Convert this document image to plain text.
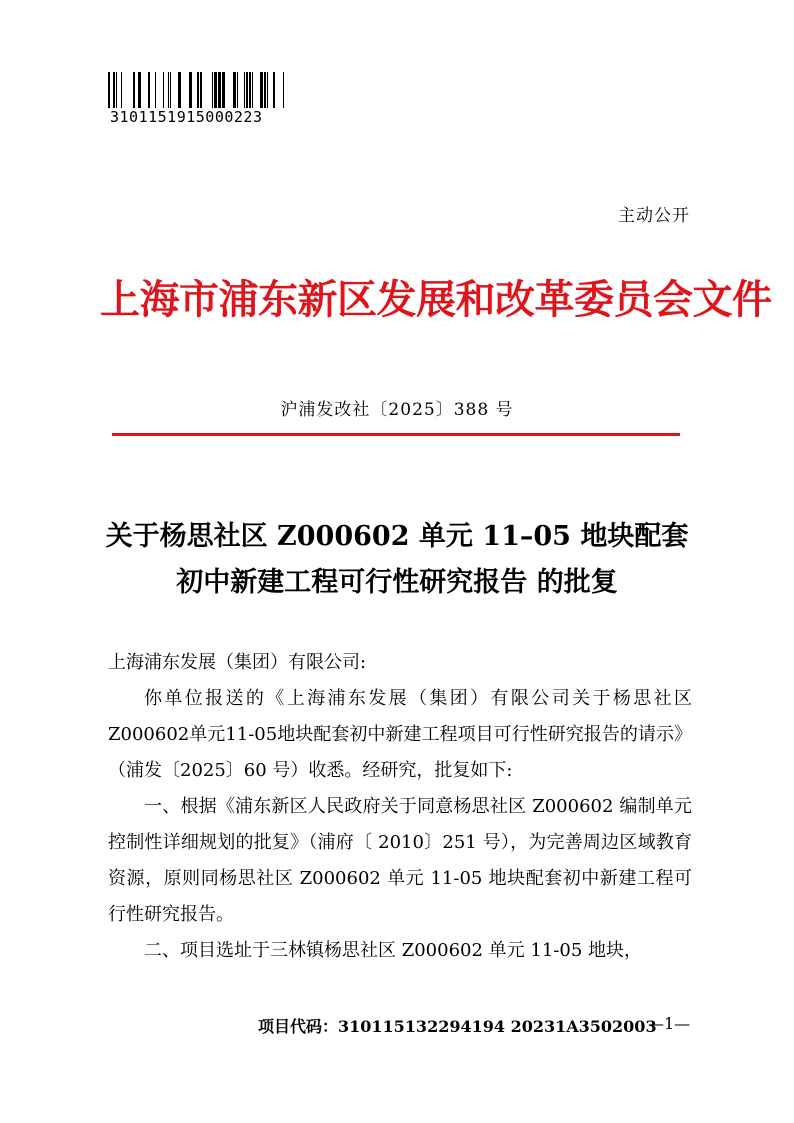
3101151915000223
主动公开
上海市浦东新区发展和改革委员会文件
沪浦发改社〔2025〕388 号
关于杨思社区 Z000602 单元 11–05 地块配套
初中新建工程可行性研究报告 的批复

上海浦东发展（集团）有限公司:

你单位报送的《上海浦东发展（集团）有限公司关于杨思社区Z000602单元11-05地块配套初中新建工程项目可行性研究报告的请示》（浦发〔2025〕60 号）收悉。经研究，批复如下:

一、根据《浦东新区人民政府关于同意杨思社区 Z000602 编制单元控制性详细规划的批复》（浦府〔 2010〕251 号），为完善周边区域教育资源，原则同杨思社区 Z000602 单元 11-05 地块配套初中新建工程可行性研究报告。

二、项目选址于三林镇杨思社区 Z000602 单元 11-05 地块，

项目代码：310115132294194 20231A3502003
—1—
